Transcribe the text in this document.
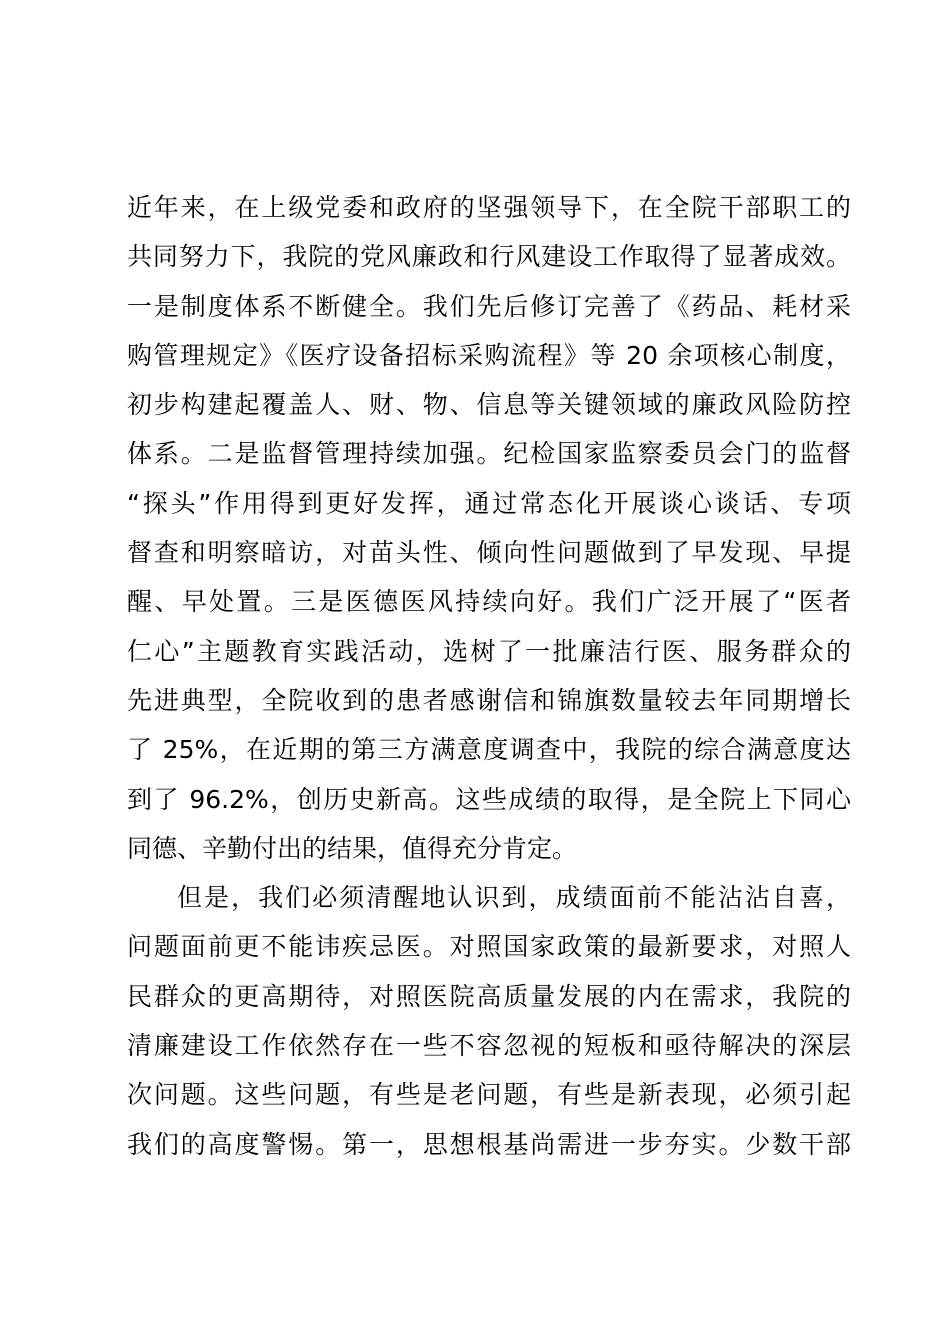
近年来，在上级党委和政府的坚强领导下，在全院干部职工的
共同努力下，我院的党风廉政和行风建设工作取得了显著成效。
一是制度体系不断健全。我们先后修订完善了《药品、耗材采
购管理规定》《医疗设备招标采购流程》等 20 余项核心制度，
初步构建起覆盖人、财、物、信息等关键领域的廉政风险防控
体系。二是监督管理持续加强。纪检国家监察委员会门的监督
“探头”作用得到更好发挥，通过常态化开展谈心谈话、专项
督查和明察暗访，对苗头性、倾向性问题做到了早发现、早提
醒、早处置。三是医德医风持续向好。我们广泛开展了“医者
仁心”主题教育实践活动，选树了一批廉洁行医、服务群众的
先进典型，全院收到的患者感谢信和锦旗数量较去年同期增长
了 25%，在近期的第三方满意度调查中，我院的综合满意度达
到了 96.2%，创历史新高。这些成绩的取得，是全院上下同心
同德、辛勤付出的结果，值得充分肯定。
但是，我们必须清醒地认识到，成绩面前不能沾沾自喜，
问题面前更不能讳疾忌医。对照国家政策的最新要求，对照人
民群众的更高期待，对照医院高质量发展的内在需求，我院的
清廉建设工作依然存在一些不容忽视的短板和亟待解决的深层
次问题。这些问题，有些是老问题，有些是新表现，必须引起
我们的高度警惕。第一，思想根基尚需进一步夯实。少数干部
